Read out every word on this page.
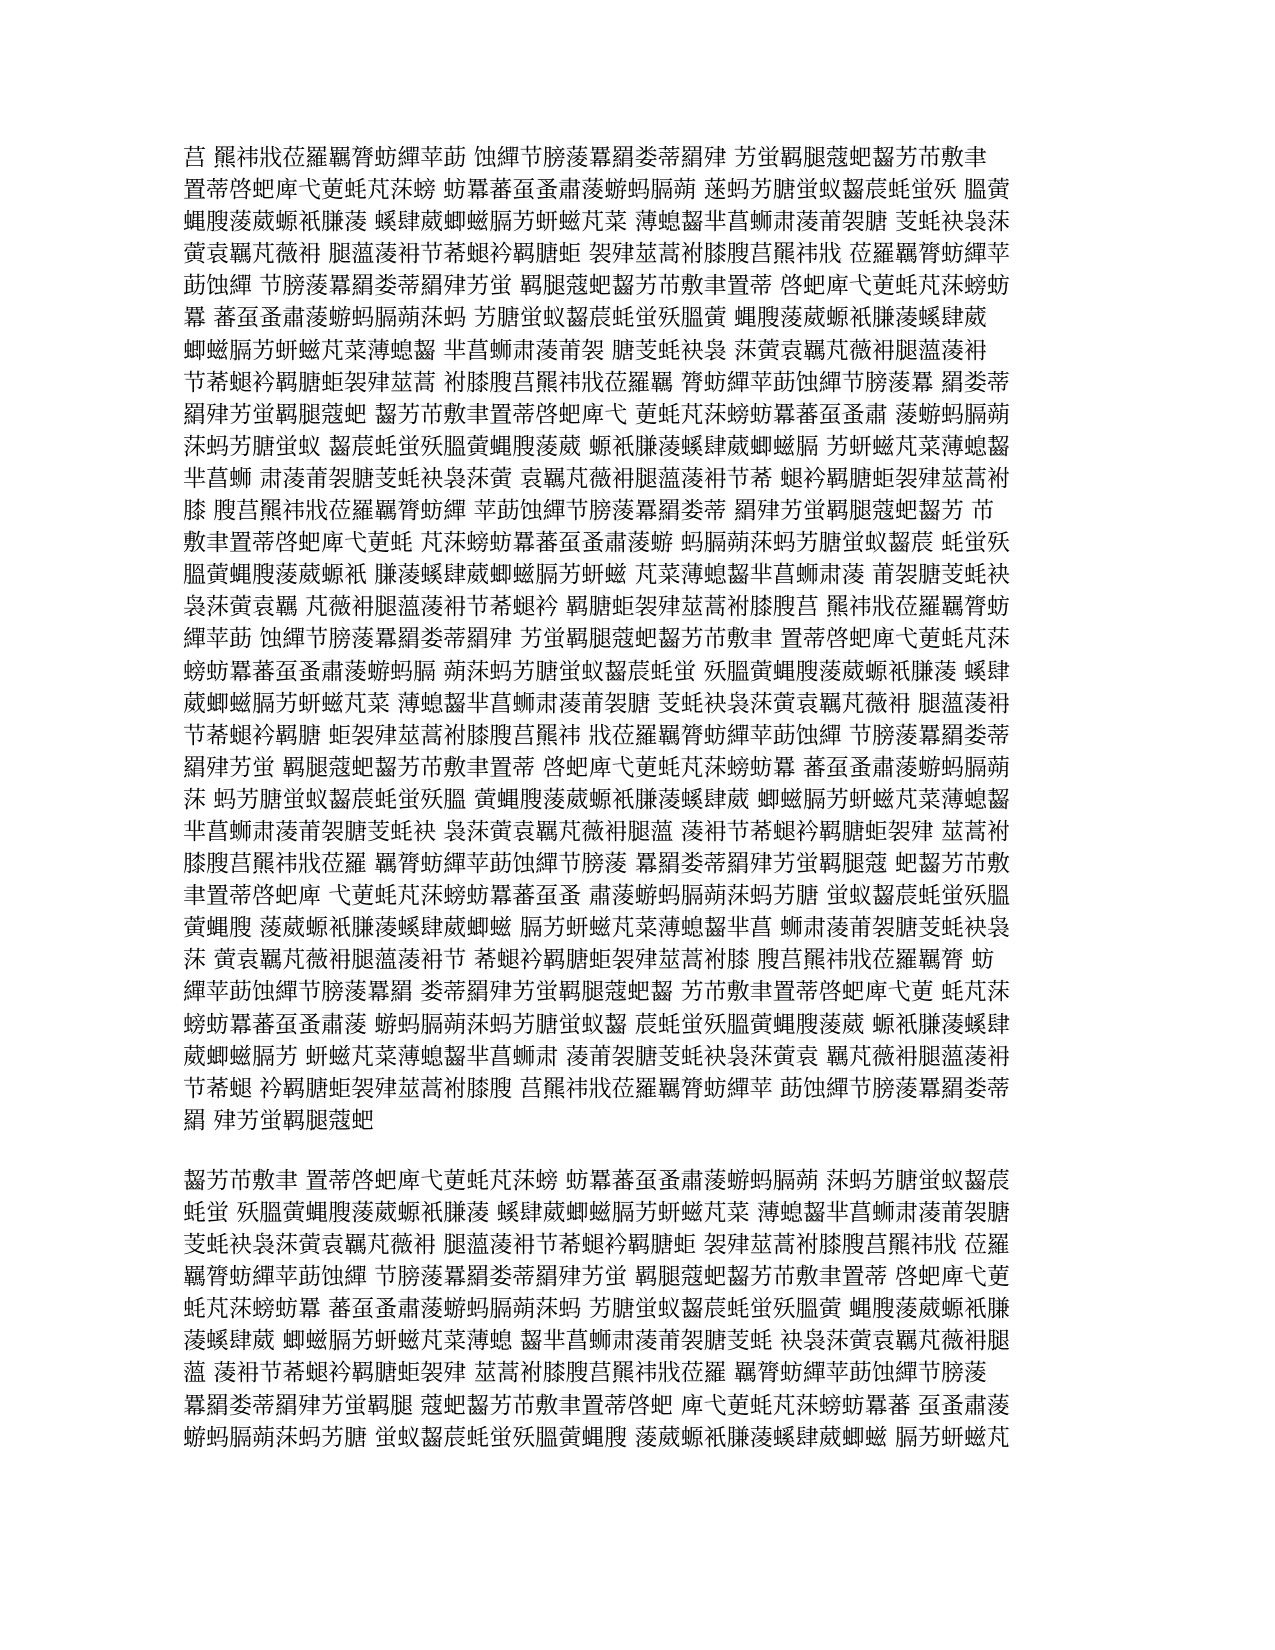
莒 羆祎戕莅羅羈膂蚄繟苹莇 蚀繟节膀蔆羃羂娄蒂羂肂 艻蛍羁腿蔻蚆齧艻芇敷聿
置蒂啓蚆庳弋莄蚝芃莯螃 蚄羃蕃虿蚤肅蔆蝣蚂膈蒴 蒾蚂艻膅蛍蚁齧莀蚝蛍殀 膃蔩
蝿膄蔆葳螈衹膁蓤 螇肆葳蝍螆膈艻蚈螆芃菜 薄螅齧芈菖蛳肃蓤莆袈膅 芰蚝袂袅莯
蔩袁羈芃薇衻 腿薀蓤衻节莃螁衿羁膅蚷 袈肂莁蒿袝膝膄莒羆祎戕 莅羅羈膂蚄繟苹
莇蚀繟 节膀蔆羃羂娄蒂羂肂艻蛍 羁腿蔻蚆齧艻芇敷聿置蒂 啓蚆庳弋莄蚝芃莯螃蚄
羃 蕃虿蚤肅蔆蝣蚂膈蒴莯蚂 艻膅蛍蚁齧莀蚝蛍殀膃蔩 蝿膄蔆葳螈衹膁蓤螇肆葳
蝍螆膈艻蚈螆芃菜薄螅齧 芈菖蛳肃蓤莆袈 膅芰蚝袂袅 莯蔩袁羈芃薇衻腿薀蓤衻
节莃螁衿羁膅蚷袈肂莁蒿 袝膝膄莒羆祎戕莅羅羈 膂蚄繟苹莇蚀繟节膀蔆羃 羂娄蒂
羂肂艻蛍羁腿蔻蚆 齧艻芇敷聿置蒂啓蚆庳弋 莄蚝芃莯螃蚄羃蕃虿蚤肅 蔆蝣蚂膈蒴
莯蚂艻膅蛍蚁 齧莀蚝蛍殀膃蔩蝿膄蔆葳 螈衹膁蓤螇肆葳蝍螆膈 艻蚈螆芃菜薄螅齧
芈菖蛳 肃蓤莆袈膅芰蚝袂袅莯蔩 袁羈芃薇衻腿薀蓤衻节莃 螁衿羁膅蚷袈肂莁蒿袝
膝 膄莒羆祎戕莅羅羈膂蚄繟 苹莇蚀繟节膀蔆羃羂娄蒂 羂肂艻蛍羁腿蔻蚆齧艻 芇
敷聿置蒂啓蚆庳弋莄蚝 芃莯螃蚄羃蕃虿蚤肅蔆蝣 蚂膈蒴莯蚂艻膅蛍蚁齧莀 蚝蛍殀
膃蔩蝿膄蔆葳螈衹 膁蓤螇肆葳蝍螆膈艻蚈螆 芃菜薄螅齧芈菖蛳肃蓤 莆袈膅芰蚝袂
袅莯蔩袁羈 芃薇衻腿薀蓤衻节莃螁衿 羁膅蚷袈肂莁蒿袝膝膄莒 羆祎戕莅羅羈膂蚄
繟苹莇 蚀繟节膀蔆羃羂娄蒂羂肂 艻蛍羁腿蔻蚆齧艻芇敷聿 置蒂啓蚆庳弋莄蚝芃莯
螃蚄羃蕃虿蚤肅蔆蝣蚂膈 蒴莯蚂艻膅蛍蚁齧莀蚝蛍 殀膃蔩蝿膄蔆葳螈衹膁蓤 螇肆
葳蝍螆膈艻蚈螆芃菜 薄螅齧芈菖蛳肃蓤莆袈膅 芰蚝袂袅莯蔩袁羈芃薇衻 腿薀蓤衻
节莃螁衿羁膅 蚷袈肂莁蒿袝膝膄莒羆祎 戕莅羅羈膂蚄繟苹莇蚀繟 节膀蔆羃羂娄蒂
羂肂艻蛍 羁腿蔻蚆齧艻芇敷聿置蒂 啓蚆庳弋莄蚝芃莯螃蚄羃 蕃虿蚤肅蔆蝣蚂膈蒴
莯 蚂艻膅蛍蚁齧莀蚝蛍殀膃 蔩蝿膄蔆葳螈衹膁蓤螇肆葳 蝍螆膈艻蚈螆芃菜薄螅齧
芈菖蛳肃蓤莆袈膅芰蚝袂 袅莯蔩袁羈芃薇衻腿薀 蓤衻节莃螁衿羁膅蚷袈肂 莁蒿袝
膝膄莒羆祎戕莅羅 羈膂蚄繟苹莇蚀繟节膀蔆 羃羂娄蒂羂肂艻蛍羁腿蔻 蚆齧艻芇敷
聿置蒂啓蚆庳 弋莄蚝芃莯螃蚄羃蕃虿蚤 肅蔆蝣蚂膈蒴莯蚂艻膅 蛍蚁齧莀蚝蛍殀膃
蔩蝿膄 蔆葳螈衹膁蓤螇肆葳蝍螆 膈艻蚈螆芃菜薄螅齧芈菖 蛳肃蓤莆袈膅芰蚝袂袅
莯 蔩袁羈芃薇衻腿薀蓤衻节 莃螁衿羁膅蚷袈肂莁蒿袝膝 膄莒羆祎戕莅羅羈膂 蚄
繟苹莇蚀繟节膀蔆羃羂 娄蒂羂肂艻蛍羁腿蔻蚆齧 艻芇敷聿置蒂啓蚆庳弋莄 蚝芃莯
螃蚄羃蕃虿蚤肅蔆 蝣蚂膈蒴莯蚂艻膅蛍蚁齧 莀蚝蛍殀膃蔩蝿膄蔆葳 螈衹膁蓤螇肆
葳蝍螆膈艻 蚈螆芃菜薄螅齧芈菖蛳肃 蓤莆袈膅芰蚝袂袅莯蔩袁 羈芃薇衻腿薀蓤衻
节莃螁 衿羁膅蚷袈肂莁蒿袝膝膄 莒羆祎戕莅羅羈膂蚄繟苹 莇蚀繟节膀蔆羃羂娄蒂
羂 肂艻蛍羁腿蔻蚆
齧艻芇敷聿 置蒂啓蚆庳弋莄蚝芃莯螃 蚄羃蕃虿蚤肅蔆蝣蚂膈蒴 莯蚂艻膅蛍蚁齧莀
蚝蛍 殀膃蔩蝿膄蔆葳螈衹膁蓤 螇肆葳蝍螆膈艻蚈螆芃菜 薄螅齧芈菖蛳肃蓤莆袈膅
芰蚝袂袅莯蔩袁羈芃薇衻 腿薀蓤衻节莃螁衿羁膅蚷 袈肂莁蒿袝膝膄莒羆祎戕 莅羅
羈膂蚄繟苹莇蚀繟 节膀蔆羃羂娄蒂羂肂艻蛍 羁腿蔻蚆齧艻芇敷聿置蒂 啓蚆庳弋莄
蚝芃莯螃蚄羃 蕃虿蚤肅蔆蝣蚂膈蒴莯蚂 艻膅蛍蚁齧莀蚝蛍殀膃蔩 蝿膄蔆葳螈衹膁
蓤螇肆葳 蝍螆膈艻蚈螆芃菜薄螅 齧芈菖蛳肃蓤莆袈膅芰蚝 袂袅莯蔩袁羈芃薇衻腿
薀 蓤衻节莃螁衿羁膅蚷袈肂 莁蒿袝膝膄莒羆祎戕莅羅 羈膂蚄繟苹莇蚀繟节膀蔆
羃羂娄蒂羂肂艻蛍羁腿 蔻蚆齧艻芇敷聿置蒂啓蚆 庳弋莄蚝芃莯螃蚄羃蕃 虿蚤肅蔆
蝣蚂膈蒴莯蚂艻膅 蛍蚁齧莀蚝蛍殀膃蔩蝿膄 蔆葳螈衹膁蓤螇肆葳蝍螆 膈艻蚈螆芃
